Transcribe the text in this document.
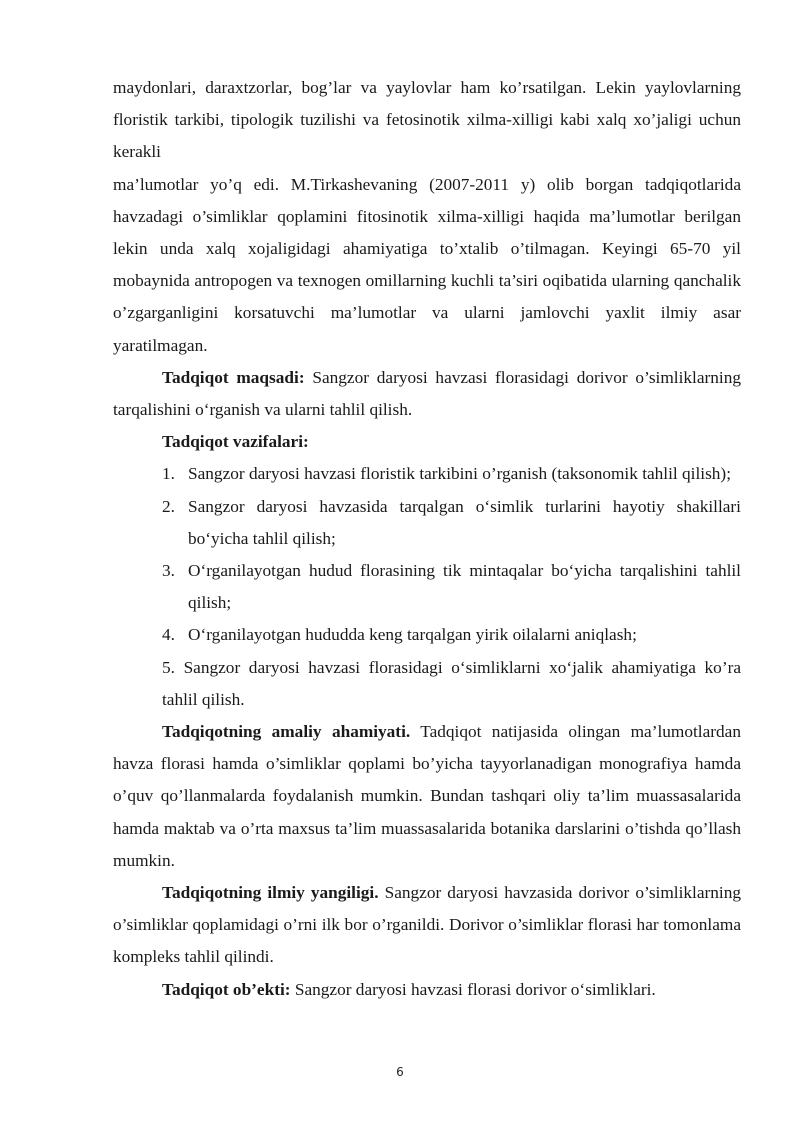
maydonlari, daraxtzorlar, bog’lar va yaylovlar ham ko’rsatilgan. Lekin yaylovlarning floristik tarkibi, tipologik tuzilishi va fetosinotik xilma-xilligi kabi xalq xo’jaligi uchun kerakli

ma’lumotlar yo’q edi. M.Tirkashevaning (2007-2011 y) olib borgan tadqiqotlarida havzadagi o’simliklar qoplamini fitosinotik xilma-xilligi haqida ma’lumotlar berilgan lekin unda xalq xojaligidagi ahamiyatiga to’xtalib o’tilmagan. Keyingi 65-70 yil mobaynida antropogen va texnogen omillarning kuchli ta’siri oqibatida ularning qanchalik o’zgarganligini korsatuvchi ma’lumotlar va ularni jamlovchi yaxlit ilmiy asar yaratilmagan.

Tadqiqot maqsadi: Sangzor daryosi havzasi florasidagi dorivor o’simliklarning tarqalishini o‘rganish va ularni tahlil qilish.

Tadqiqot vazifalari:

1. Sangzor daryosi havzasi floristik tarkibini o’rganish (taksonomik tahlil qilish);
2. Sangzor daryosi havzasida tarqalgan o‘simlik turlarini hayotiy shakillari bo‘yicha tahlil qilish;
3. O‘rganilayotgan hudud florasining tik mintaqalar bo‘yicha tarqalishini tahlil qilish;
4. O‘rganilayotgan hududda keng tarqalgan yirik oilalarni aniqlash;

5. Sangzor daryosi havzasi florasidagi o‘simliklarni xo‘jalik ahamiyatiga ko’ra tahlil qilish.

Tadqiqotning amaliy ahamiyati. Tadqiqot natijasida olingan ma’lumotlardan havza florasi hamda o’simliklar qoplami bo’yicha tayyorlanadigan monografiya hamda o’quv qo’llanmalarda foydalanish mumkin. Bundan tashqari oliy ta’lim muassasalarida hamda maktab va o’rta maxsus ta’lim muassasalarida botanika darslarini o’tishda qo’llash mumkin.

Tadqiqotning ilmiy yangiligi. Sangzor daryosi havzasida dorivor o’simliklarning o’simliklar qoplamidagi o’rni ilk bor o’rganildi. Dorivor o’simliklar florasi har tomonlama kompleks tahlil qilindi.

Tadqiqot ob’ekti: Sangzor daryosi havzasi florasi dorivor o‘simliklari.

6
